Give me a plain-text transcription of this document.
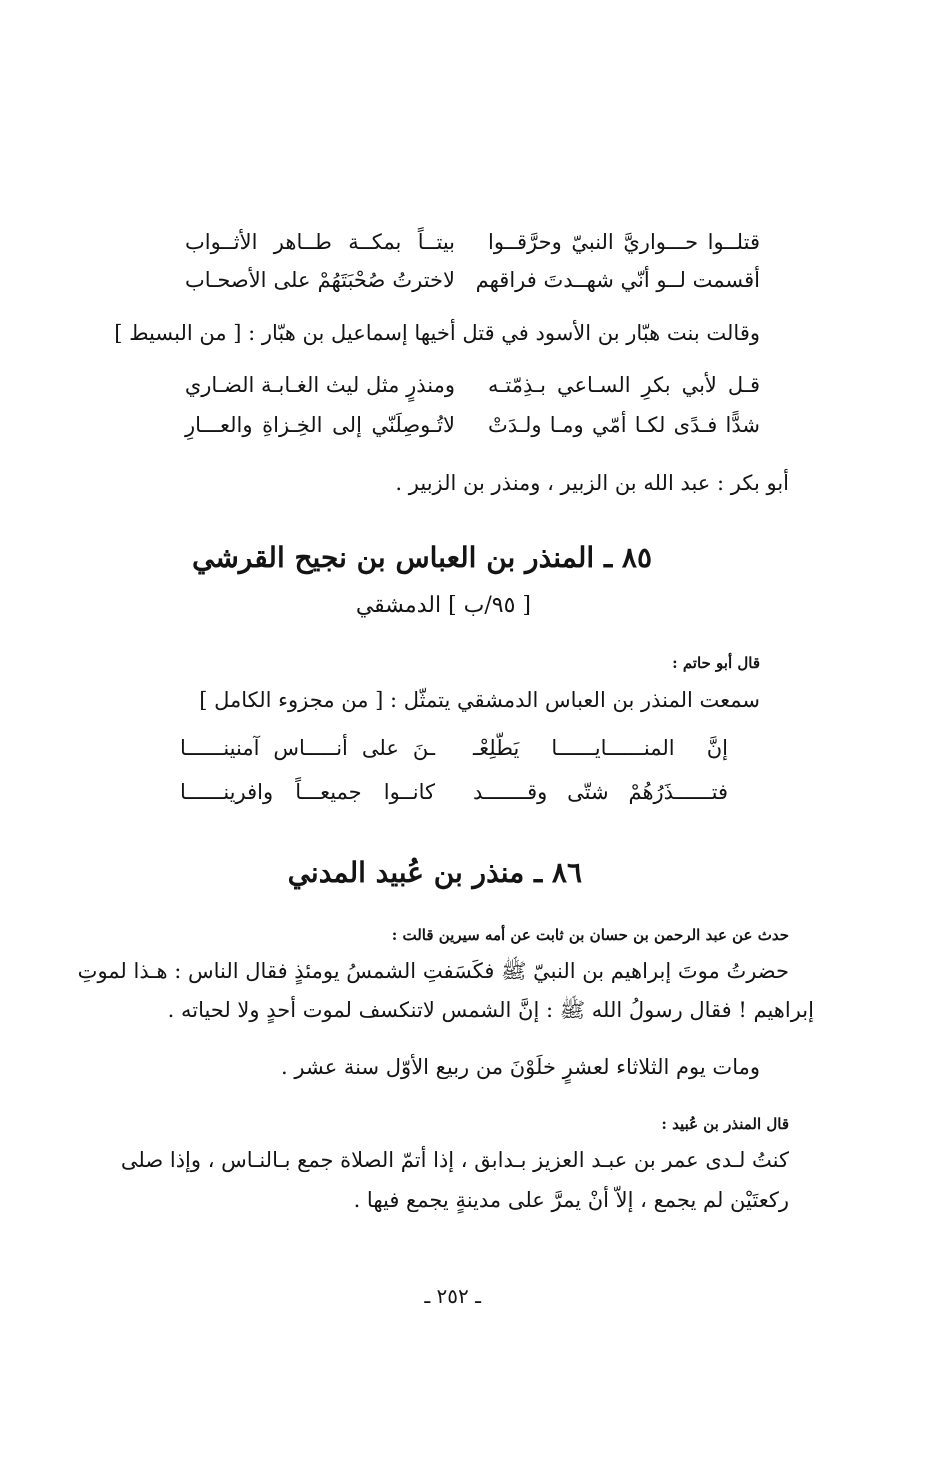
قتلــوا حـــواريَّ النبيّ وحرَّقــوا
بيتــاً بمكــة طــاهر الأثــواب
أقسمت لــو أنّي شهــدتَ فراقهم
لاخترتُ صُحْبَتَهُمْ على الأصحـاب
وقالت بنت هبّار بن الأسود في قتل أخيها إسماعيل بن هبّار : [ من البسيط ]
قـل لأبي بكرِ السـاعي بـذِمّتـه
ومنذرٍ مثل ليث الغـابـة الضـاري
شدًّا فـدًى لكـا أمّي ومـا ولـدَتْ
لاتُـوصِلَنّي إلى الخِـزاةِ والعـــارِ
أبو بكر : عبد الله بن الزبير ، ومنذر بن الزبير .
٨٥ ـ المنذر بن العباس بن نجيح القرشي
[ ٩٥/ب ] الدمشقي
قال أبو حاتم :
سمعت المنذر بن العباس الدمشقي يتمثّل : [ من مجزوء الكامل ]
إنَّ المنــــــايــــــا يَطّلِعْـ
ـنَ على أنـــــاس آمنينــــــا
فتــــــذَرُهُمْ شتّى وقـــــــد
كانــوا جميعـــاً وافرينــــــا
٨٦ ـ منذر بن عُبيد المدني
حدث عن عبد الرحمن بن حسان بن ثابت عن أمه سيرين قالت :
حضرتُ موتَ إبراهيم بن النبيّ ﷺ فكَسَفتِ الشمسُ يومئذٍ فقال الناس : هـذا لموتِ
إبراهيم ! فقال رسولُ الله ﷺ : إنَّ الشمس لاتنكسف لموت أحدٍ ولا لحياته .
ومات يوم الثلاثاء لعشرٍ خلَوْنَ من ربيع الأوّل سنة عشر .
قال المنذر بن عُبيد :
كنتُ لـدى عمر بن عبـد العزيز بـدابق ، إذا أتمّ الصلاة جمع بـالنـاس ، وإذا صلى
ركعتَيْن لم يجمع ، إلاّ أنْ يمرَّ على مدينةٍ يجمع فيها .
ـ ٢٥٢ ـ
